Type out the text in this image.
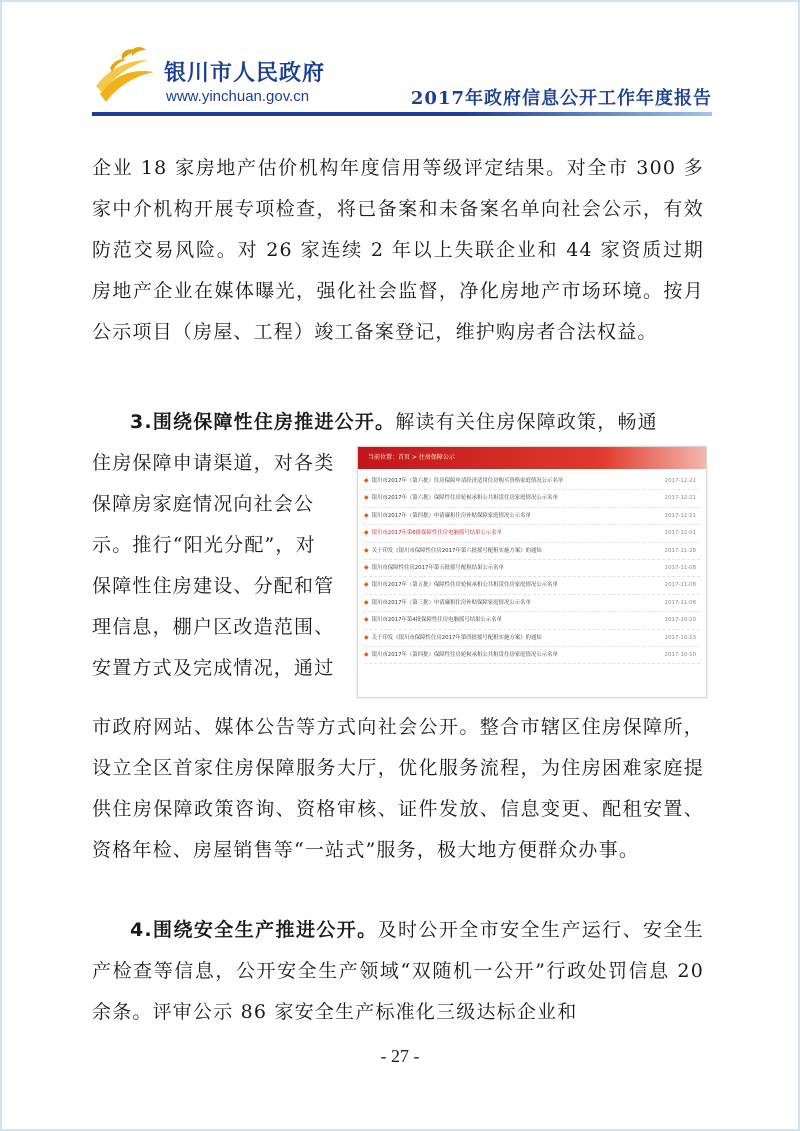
银川市人民政府
www.yinchuan.gov.cn	2017年政府信息公开工作年度报告

企业 18 家房地产估价机构年度信用等级评定结果。对全市 300 多家中介机构开展专项检查，将已备案和未备案名单向社会公示，有效防范交易风险。对 26 家连续 2 年以上失联企业和 44 家资质过期房地产企业在媒体曝光，强化社会监督，净化房地产市场环境。按月公示项目（房屋、工程）竣工备案登记，维护购房者合法权益。

3.围绕保障性住房推进公开。解读有关住房保障政策，畅通

住房保障申请渠道，对各类
保障房家庭情况向社会公
示。推行“阳光分配”，对
保障性住房建设、分配和管
理信息，棚户区改造范围、
安置方式及完成情况，通过
当前位置：首页 > 住房保障公示
◆ 银川市2017年（第六批）住房保障申请经济适用住房购买资格家庭情况公示名单	2017-12-21
◆ 银川市2017年（第六批）保障性住房轮候承租公共租赁住房家庭情况公示名单	2017-12-21
◆ 银川市2017年（第四批）申请廉租住房补贴保障家庭情况公示名单	2017-12-21
◆ 银川市2017年第6批保障性住房电脑摇号结果公示名单	2017-12-01
◆ 关于印发《银川市保障性住房2017年第六批摇号配租实施方案》的通知	2017-11-28
◆ 银川市保障性住房2017年第五批摇号配租结果公示名单	2017-11-08
◆ 银川市2017年（第五批）保障性住房轮候承租公共租赁住房家庭情况公示名单	2017-11-08
◆ 银川市2017年（第三批）申请廉租住房补贴保障家庭情况公示名单	2017-11-08
◆ 银川市2017年第4批保障性住房电脑摇号结果公示名单	2017-10-20
◆ 关于印发《银川市保障性住房2017年第四批摇号配租实施方案》的通知	2017-10-13
◆ 银川市2017年（第四批）保障性住房轮候承租公共租赁住房家庭情况公示名单	2017-10-10

市政府网站、媒体公告等方式向社会公开。整合市辖区住房保障所，设立全区首家住房保障服务大厅，优化服务流程，为住房困难家庭提供住房保障政策咨询、资格审核、证件发放、信息变更、配租安置、资格年检、房屋销售等“一站式”服务，极大地方便群众办事。

4.围绕安全生产推进公开。及时公开全市安全生产运行、安全生产检查等信息，公开安全生产领域“双随机一公开”行政处罚信息 20 余条。评审公示 86 家安全生产标准化三级达标企业和

- 27 -
